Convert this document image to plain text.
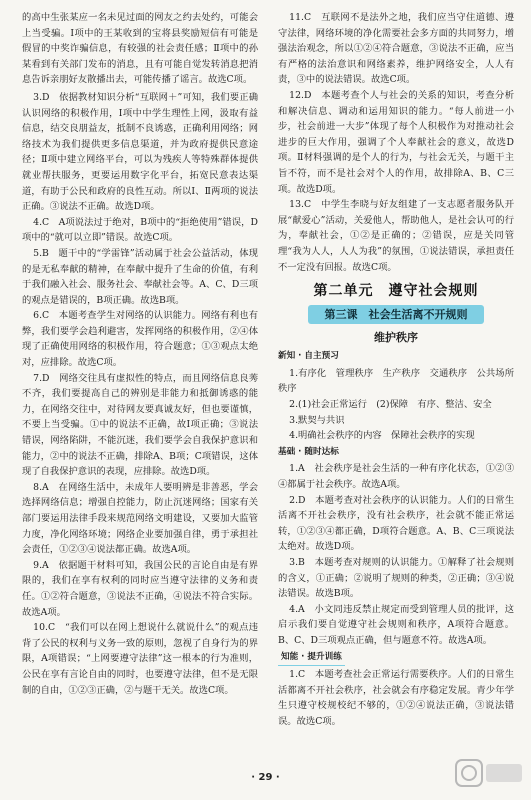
的高中生张某应一名未见过面的网友之约去处约，可能会上当受骗。Ⅰ项中的王某收到的宝将县奖励短信有可能是假冒的中奖诈骗信息，有较强的社会责任感；Ⅱ项中的孙某看到有关部门发布的消息，且有可能自觉发转消息把消息告诉亲朋好友散播出去，可能传播了谣言。故选C项。

3.D　依据教材知识分析“互联网＋”可知，我们要正确认识网络的积极作用，Ⅰ项中中学生理性上网，汲取有益信息，结交良朋益友，抵制不良诱惑，正确利用网络；网络技术为我们提供更多信息渠道，并为政府提供民意途径；Ⅱ项中建立网络平台，可以为残疾人等特殊群体提供就业帮扶服务，更要运用数字化平台，拓宽民意表达渠道，有助于公民和政府的良性互动。所以Ⅰ、Ⅱ两项的说法正确。③说法不正确。故选D项。

4.C　A项说法过于绝对，B项中的“拒绝使用”错误，D项中的“就可以立即”错误。故选C项。

5.B　题干中的“学雷锋”活动属于社会公益活动，体现的是无私奉献的精神，在奉献中提升了生命的价值，有利于我们融入社会、服务社会、奉献社会等。A、C、D三项的观点是错误的，B项正确。故选B项。

6.C　本题考查学生对网络的认识能力。网络有利也有弊，我们要学会趋利避害，发挥网络的积极作用，②④体现了正确使用网络的积极作用，符合题意；①③观点太绝对，应排除。故选C项。

7.D　网络交往具有虚拟性的特点，而且网络信息良莠不齐，我们要提高自己的辨别是非能力和抵御诱惑的能力，在网络交往中，对待网友要真诚友好，但也要谨慎，不要上当受骗。①中的说法不正确，故Ⅰ项正确；③说法错误，网络陷阱，不能沉迷，我们要学会自我保护意识和能力，②中的说法不正确，排除A、B项；C项错误，这体现了自我保护意识的表现，应排除。故选D项。

8.A　在网络生活中，未成年人要明辨是非善恶，学会选择网络信息；增强自控能力，防止沉迷网络；国家有关部门要运用法律手段来规范网络文明建设，又要加大监管力度，净化网络环境；网络企业要加强自律，勇于承担社会责任，①②③④说法都正确。故选A项。

9.A　依据题干材料可知，我国公民的言论自由是有界限的，我们在享有权利的同时应当遵守法律的义务和责任。①②符合题意，③说法不正确，④说法不符合实际。故选A项。

10.C　“我们可以在网上想说什么就说什么”的观点违背了公民的权利与义务一致的原则，忽视了自身行为的界限，A项错误；“上网要遵守法律”这一根本的行为准则，公民在享有言论自由的同时，也要遵守法律，但不是无限制的自由，①②③正确，②与题干无关。故选C项。

11.C　互联网不是法外之地，我们应当守住道德、遵守法律，网络环境的净化需要社会多方面的共同努力，增强法治观念，所以①②④符合题意，③说法不正确，应当有严格的法治意识和网络素养，维护网络安全，人人有责，③中的说法错误。故选C项。

12.D　本题考查个人与社会的关系的知识，考查分析和解决信息、调动和运用知识的能力。“每人前进一小步，社会前进一大步”体现了每个人积极作为对推动社会进步的巨大作用，强调了个人奉献社会的意义，故选D项。Ⅱ材料强调的是个人的行为，与社会无关，与题干主旨不符，而不是社会对个人的作用，故排除A、B、C三项。故选D项。

13.C　中学生李晓与好友组建了一支志愿者服务队开展“献爱心”活动，关爱他人，帮助他人，是社会认可的行为，奉献社会，①②是正确的；②错误，应是关同管理“我为人人，人人为我”的氛围，①说法错误，承担责任不一定没有回报。故选C项。

第二单元　遵守社会规则
第三课　社会生活离不开规则
维护秩序
新知 · 自主预习

1.有序化　管理秩序　生产秩序　交通秩序　公共场所秩序

2.(1)社会正常运行　(2)保障　有序、整洁、安全

3.默契与共识

4.明确社会秩序的内容　保障社会秩序的实现

基础 · 随时达标

1.A　社会秩序是社会生活的一种有序化状态，①②③④都属于社会秩序。故选A项。

2.D　本题考查对社会秩序的认识能力。人们的日常生活离不开社会秩序，没有社会秩序，社会就不能正常运转，①②③④都正确，D项符合题意。A、B、C三项说法太绝对。故选D项。

3.B　本题考查对规则的认识能力。①解释了社会规则的含义，①正确；②说明了规则的种类，②正确；③④说法错误。故选B项。

4.A　小文同违反禁止规定而受到管理人员的批评，这启示我们要自觉遵守社会规则和秩序，A项符合题意。B、C、D三项观点正确，但与题意不符。故选A项。

知能 · 提升训练

1.C　本题考查社会正常运行需要秩序。人们的日常生活都离不开社会秩序，社会就会有序稳定发展。青少年学生只遵守校规校纪不够的，①②④说法正确，③说法错误。故选C项。

· 29 ·
